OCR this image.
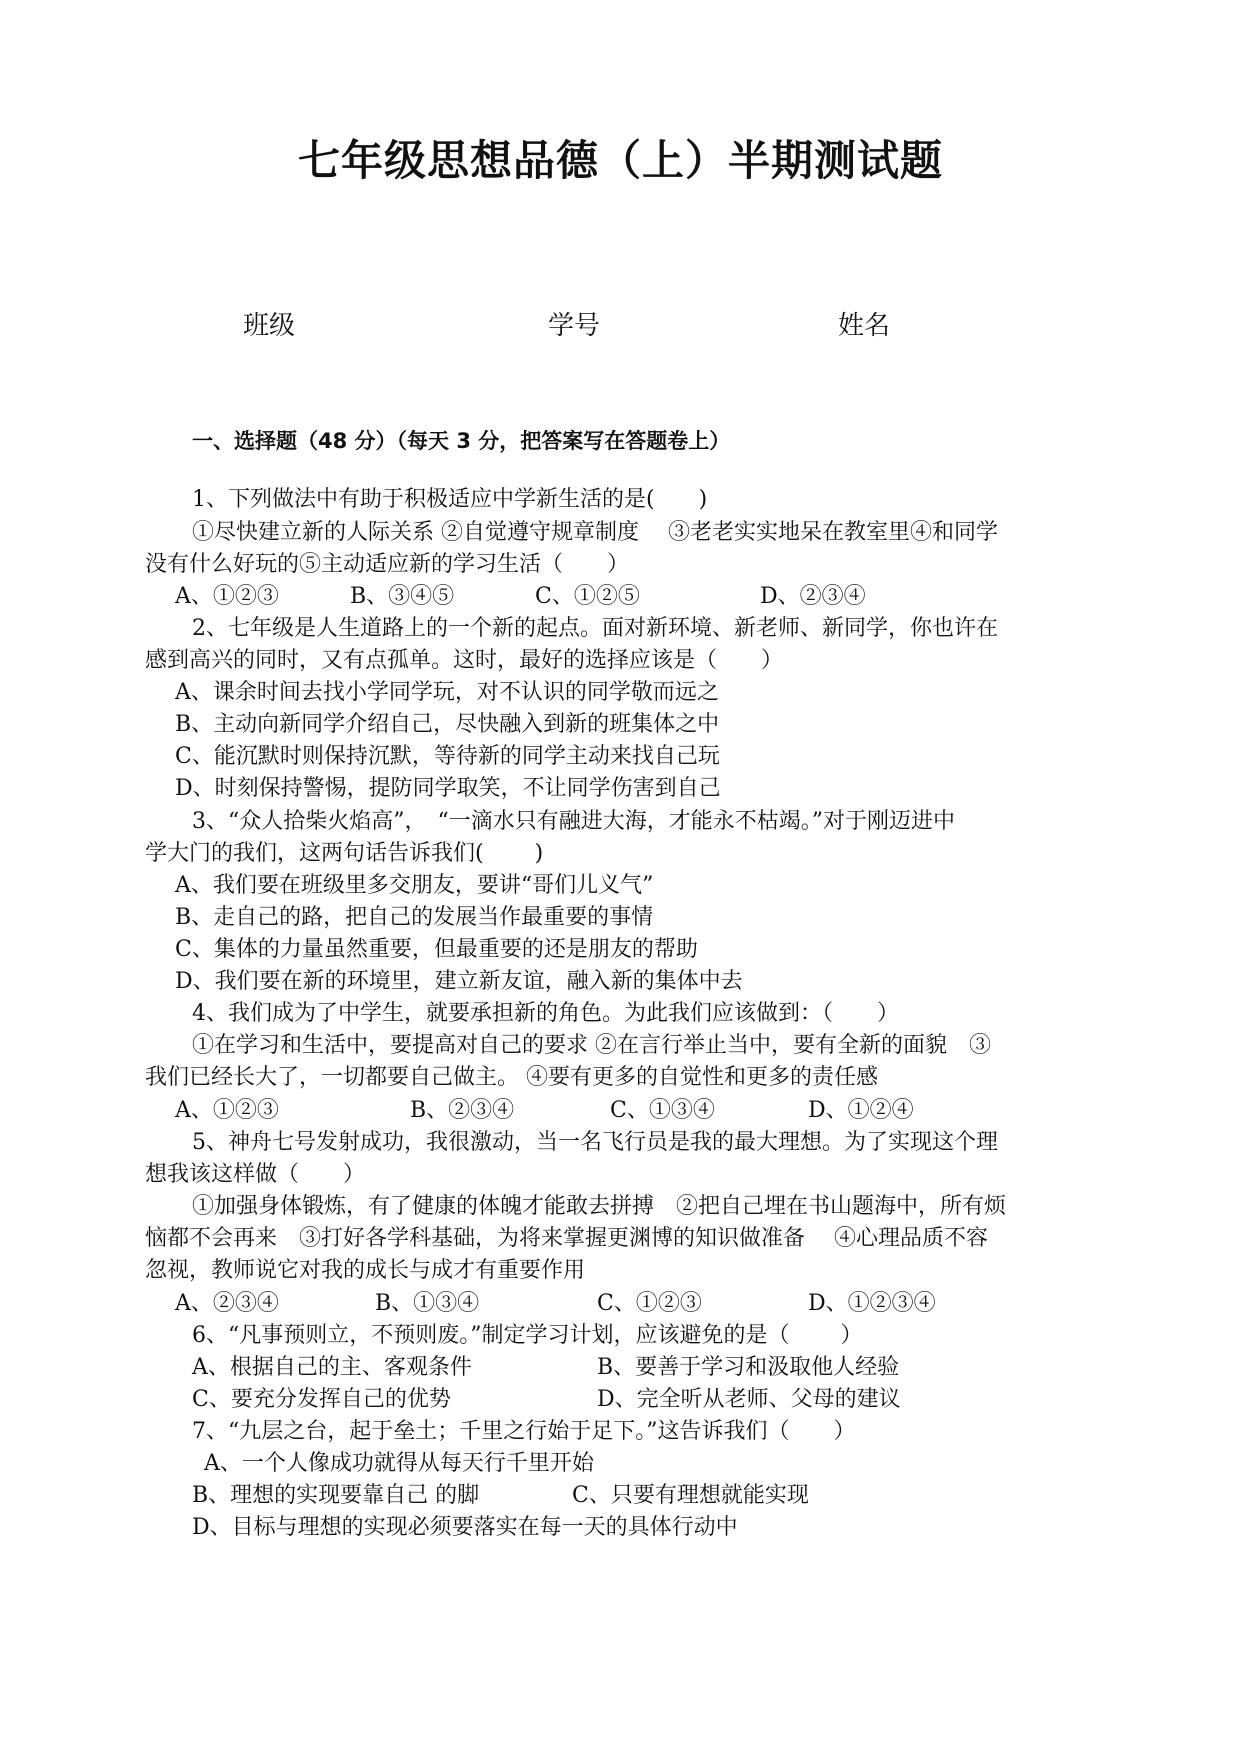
七年级思想品德（上）半期测试题
班级	学号	姓名
一、选择题（48 分）（每天 3 分，把答案写在答题卷上）
1、下列做法中有助于积极适应中学新生活的是(　　)
①尽快建立新的人际关系 ②自觉遵守规章制度　 ③老老实实地呆在教室里④和同学
没有什么好玩的⑤主动适应新的学习生活（　　）
A、①②③	B、③④⑤	C、①②⑤	D、②③④
2、七年级是人生道路上的一个新的起点。面对新环境、新老师、新同学，你也许在
感到高兴的同时，又有点孤单。这时，最好的选择应该是（　　）
A、课余时间去找小学同学玩，对不认识的同学敬而远之
B、主动向新同学介绍自己，尽快融入到新的班集体之中
C、能沉默时则保持沉默，等待新的同学主动来找自己玩
D、时刻保持警惕，提防同学取笑，不让同学伤害到自己
3、“众人拾柴火焰高”，　“一滴水只有融进大海，才能永不枯竭。”对于刚迈进中
学大门的我们，这两句话告诉我们(　　 )
A、我们要在班级里多交朋友，要讲“哥们儿义气”
B、走自己的路，把自己的发展当作最重要的事情
C、集体的力量虽然重要，但最重要的还是朋友的帮助
D、我们要在新的环境里，建立新友谊，融入新的集体中去
4、我们成为了中学生，就要承担新的角色。为此我们应该做到：（　　）
①在学习和生活中，要提高对自己的要求 ②在言行举止当中，要有全新的面貌　③
我们已经长大了，一切都要自己做主。 ④要有更多的自觉性和更多的责任感
A、①②③	B、②③④	C、①③④	D、①②④
5、神舟七号发射成功，我很激动，当一名飞行员是我的最大理想。为了实现这个理
想我该这样做（　　）
①加强身体锻炼，有了健康的体魄才能敢去拼搏　②把自己埋在书山题海中，所有烦
恼都不会再来　③打好各学科基础，为将来掌握更渊博的知识做准备　 ④心理品质不容
忽视，教师说它对我的成长与成才有重要作用
A、②③④	B、①③④	C、①②③	D、①②③④
6、“凡事预则立，不预则废。”制定学习计划，应该避免的是（　　 ）
A、根据自己的主、客观条件	B、要善于学习和汲取他人经验
C、要充分发挥自己的优势	D、完全听从老师、父母的建议
7、“九层之台，起于垒土；千里之行始于足下。”这告诉我们（　　）
A、一个人像成功就得从每天行千里开始
B、理想的实现要靠自己 的脚	C、只要有理想就能实现
D、目标与理想的实现必须要落实在每一天的具体行动中
